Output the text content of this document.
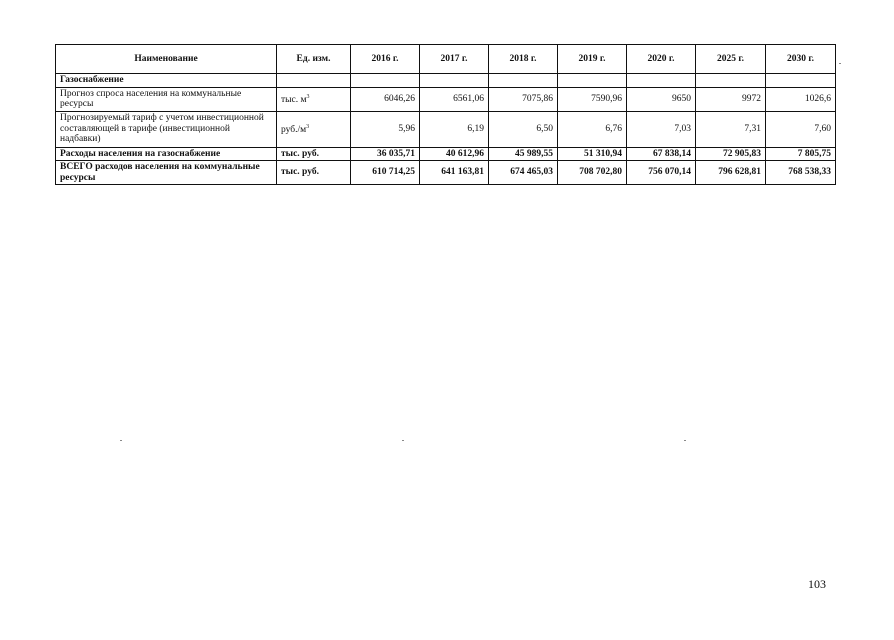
Наименование	Ед. изм.	2016 г.	2017 г.	2018 г.	2019 г.	2020 г.	2025 г.	2030 г.
Газоснабжение								
Прогноз спроса населения на коммунальные ресурсы	тыс. $м^3$	6046,26	6561,06	7075,86	7590,96	9650	9972	1026,6
Прогнозируемый тариф с учетом инвестиционной составляющей в тарифе (инвестиционной надбавки)	$руб./м^3$	5,96	6,19	6,50	6,76	7,03	7,31	7,60
Расходы населения на газоснабжение	тыс. руб.	36 035,71	40 612,96	45 989,55	51 310,94	67 838,14	72 905,83	7 805,75
ВСЕГО расходов населения на коммунальные ресурсы	тыс. руб.	610 714,25	641 163,81	674 465,03	708 702,80	756 070,14	796 628,81	768 538,33
103
